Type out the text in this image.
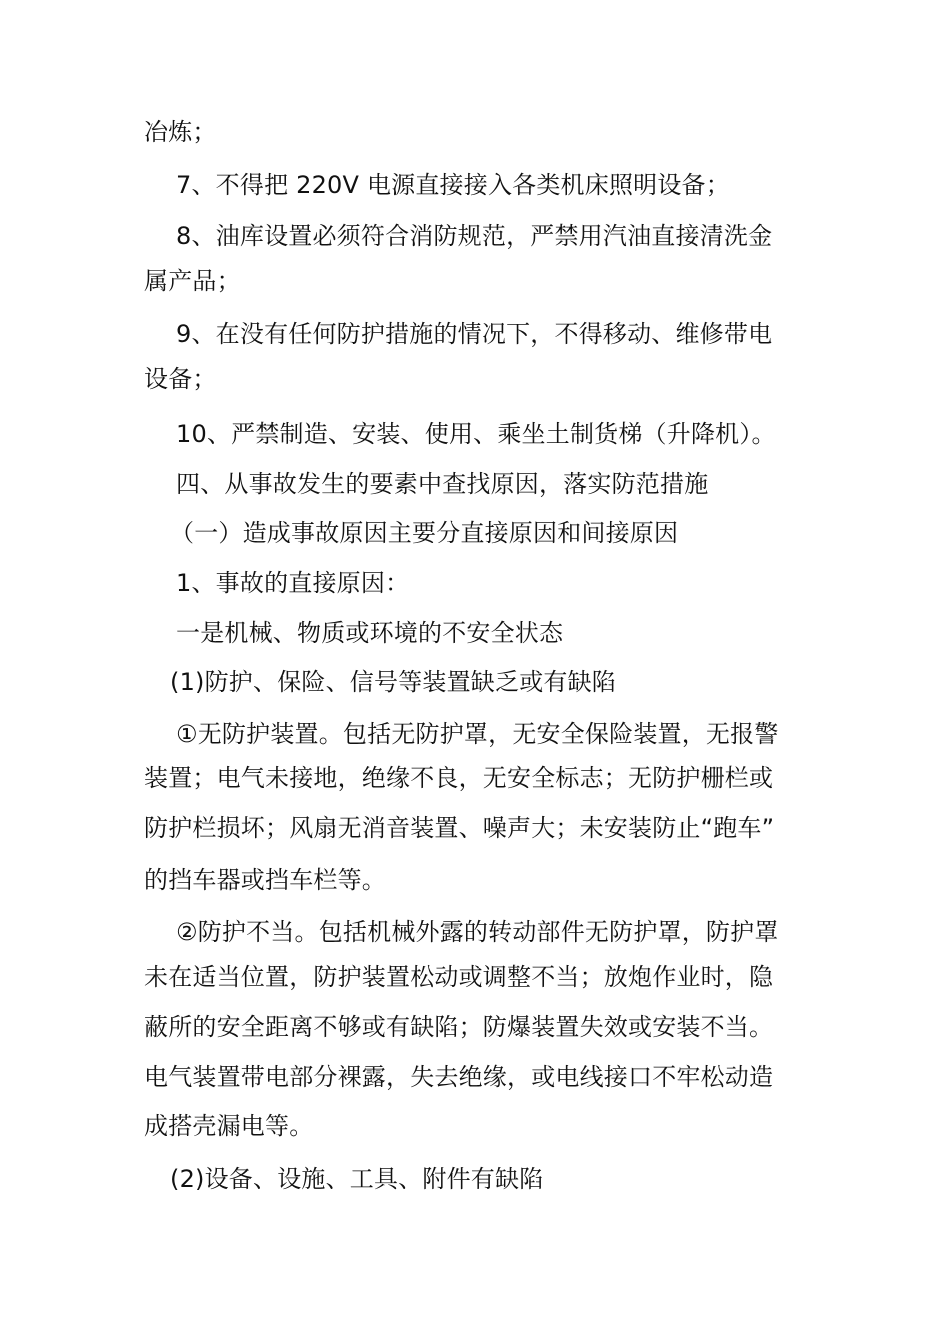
冶炼；

7、不得把 220V 电源直接接入各类机床照明设备；

8、油库设置必须符合消防规范，严禁用汽油直接清洗金

属产品；

9、在没有任何防护措施的情况下，不得移动、维修带电

设备；

10、严禁制造、安装、使用、乘坐土制货梯（升降机）。

四、从事故发生的要素中查找原因，落实防范措施

（一）造成事故原因主要分直接原因和间接原因

1、事故的直接原因：

一是机械、物质或环境的不安全状态

(1)防护、保险、信号等装置缺乏或有缺陷

①无防护装置。包括无防护罩，无安全保险装置，无报警

装置；电气未接地，绝缘不良，无安全标志；无防护栅栏或

防护栏损坏；风扇无消音装置、噪声大；未安装防止“跑车”

的挡车器或挡车栏等。

②防护不当。包括机械外露的转动部件无防护罩，防护罩

未在适当位置，防护装置松动或调整不当；放炮作业时，隐

蔽所的安全距离不够或有缺陷；防爆装置失效或安装不当。

电气装置带电部分裸露，失去绝缘，或电线接口不牢松动造

成搭壳漏电等。

(2)设备、设施、工具、附件有缺陷
